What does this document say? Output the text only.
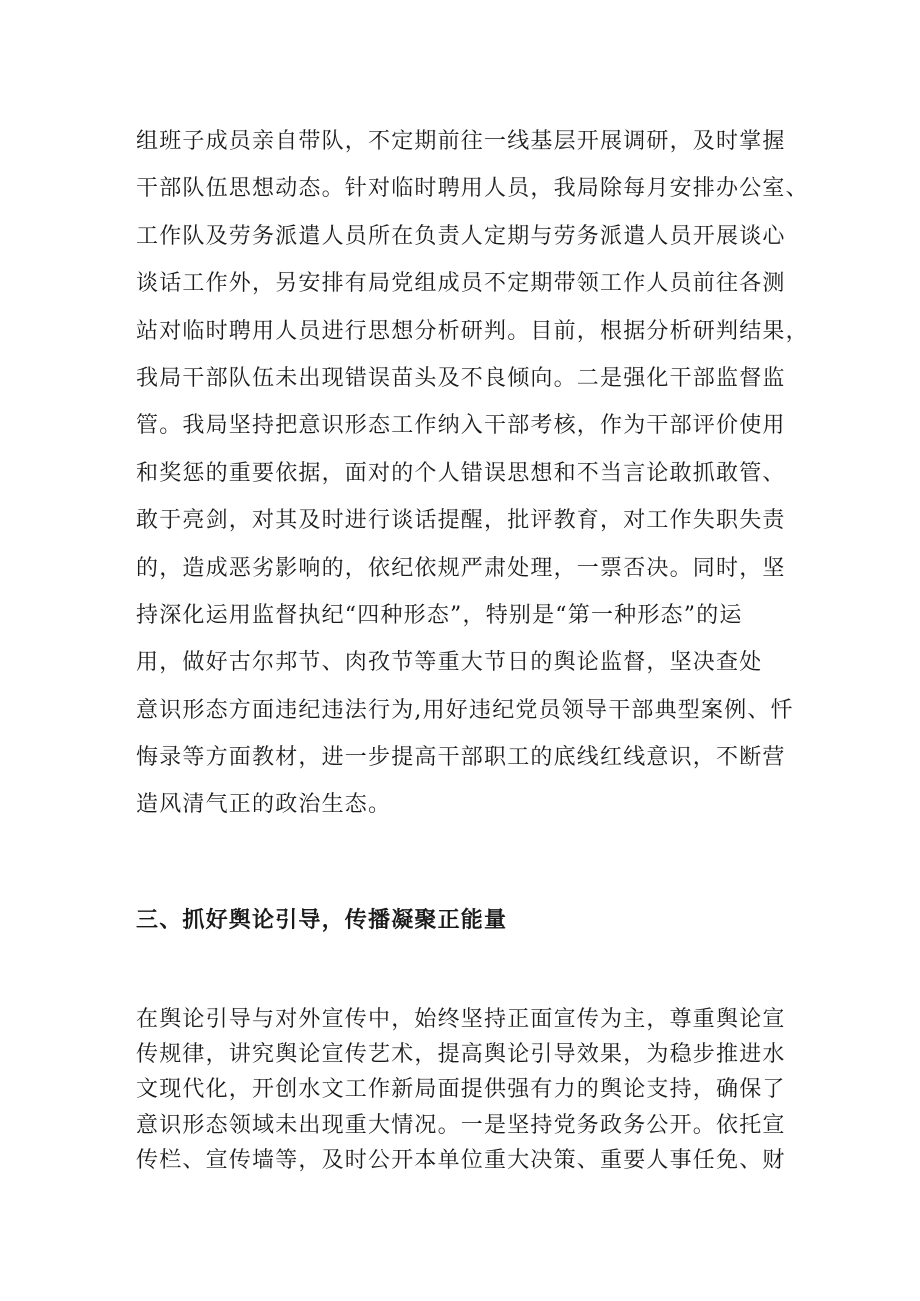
组班子成员亲自带队，不定期前往一线基层开展调研，及时掌握
干部队伍思想动态。针对临时聘用人员，我局除每月安排办公室、
工作队及劳务派遣人员所在负责人定期与劳务派遣人员开展谈心
谈话工作外，另安排有局党组成员不定期带领工作人员前往各测
站对临时聘用人员进行思想分析研判。目前，根据分析研判结果，
我局干部队伍未出现错误苗头及不良倾向。二是强化干部监督监
管。我局坚持把意识形态工作纳入干部考核，作为干部评价使用
和奖惩的重要依据，面对的个人错误思想和不当言论敢抓敢管、
敢于亮剑，对其及时进行谈话提醒，批评教育，对工作失职失责
的，造成恶劣影响的，依纪依规严肃处理，一票否决。同时，坚
持深化运用监督执纪“四种形态”，特别是“第一种形态”的运
用，做好古尔邦节、肉孜节等重大节日的舆论监督，坚决查处
意识形态方面违纪违法行为,用好违纪党员领导干部典型案例、忏
悔录等方面教材，进一步提高干部职工的底线红线意识，不断营
造风清气正的政治生态。
三、抓好舆论引导，传播凝聚正能量
在舆论引导与对外宣传中，始终坚持正面宣传为主，尊重舆论宣
传规律，讲究舆论宣传艺术，提高舆论引导效果，为稳步推进水
文现代化，开创水文工作新局面提供强有力的舆论支持，确保了
意识形态领域未出现重大情况。一是坚持党务政务公开。依托宣
传栏、宣传墙等，及时公开本单位重大决策、重要人事任免、财
